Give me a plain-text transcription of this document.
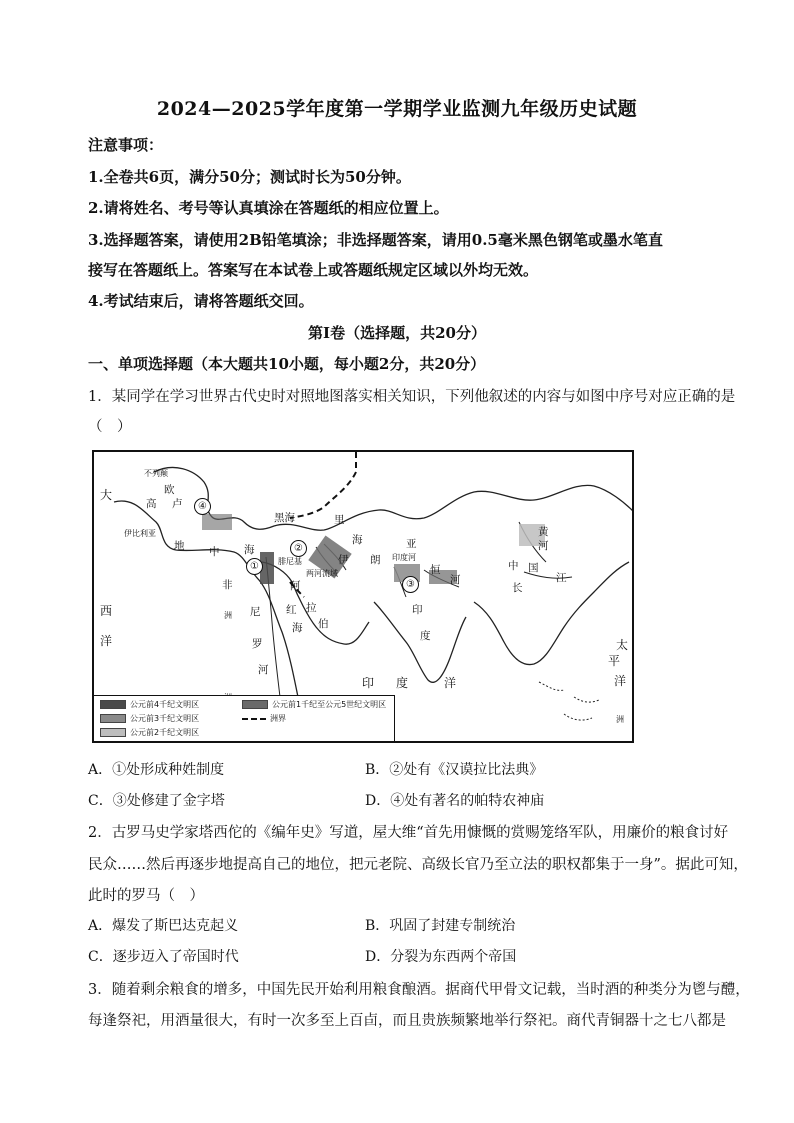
2024—2025学年度第一学期学业监测九年级历史试题
注意事项：
1.全卷共6页，满分50分；测试时长为50分钟。
2.请将姓名、考号等认真填涂在答题纸的相应位置上。
3.选择题答案，请使用2B铅笔填涂；非选择题答案，请用0.5毫米黑色钢笔或墨水笔直
接写在答题纸上。答案写在本试卷上或答题纸规定区域以外均无效。
4.考试结束后，请将答题纸交回。
第Ⅰ卷（选择题，共20分）
一、单项选择题（本大题共10小题，每小题2分，共20分）
1．某同学在学习世界古代史时对照地图落实相关知识，下列他叙述的内容与如图中序号对应正确的是
（　）
不列颠
欧
高 卢
伊比利亚
地 中 海
黑海	里
海
伊 朗
亚
非
腓尼基
两河流域
阿
拉
伯
尼
罗
河
红
海
洲
大
西
洋
印
度
恒
河
印度河
印 度	洋
黄
河
中 国
长
江
太
平
洋
洲
①
②
③
④
公元前4千纪文明区
公元前3千纪文明区
公元前2千纪文明区
公元前1千纪至公元5世纪文明区
洲界
A．①处形成种姓制度	B．②处有《汉谟拉比法典》
C．③处修建了金字塔	D．④处有著名的帕特农神庙
2．古罗马史学家塔西佗的《编年史》写道，屋大维“首先用慷慨的赏赐笼络军队，用廉价的粮食讨好
民众……然后再逐步地提高自己的地位，把元老院、高级长官乃至立法的职权都集于一身”。据此可知，
此时的罗马（　）
A．爆发了斯巴达克起义	B．巩固了封建专制统治
C．逐步迈入了帝国时代	D．分裂为东西两个帝国
3．随着剩余粮食的增多，中国先民开始利用粮食酿酒。据商代甲骨文记载，当时酒的种类分为鬯与醴，
每逢祭祀，用酒量很大，有时一次多至上百卣，而且贵族频繁地举行祭祀。商代青铜器十之七八都是
